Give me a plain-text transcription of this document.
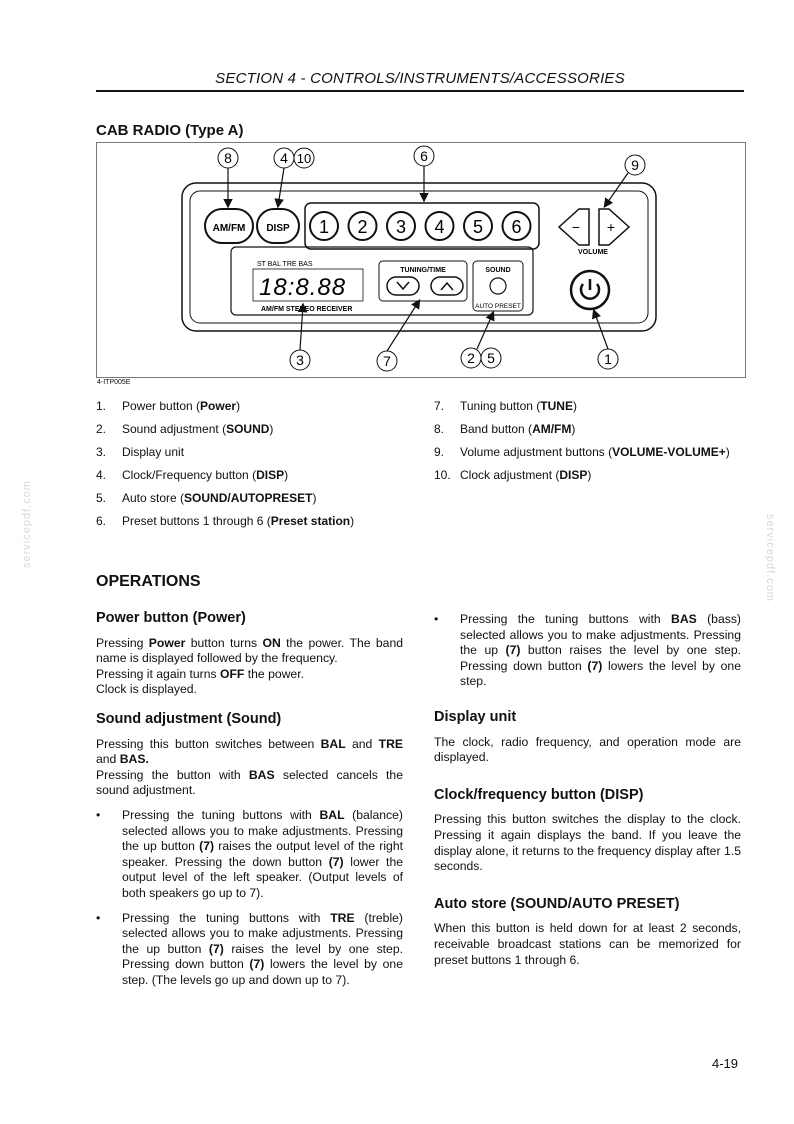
SECTION 4 - CONTROLS/INSTRUMENTS/ACCESSORIES
CAB RADIO (Type A)
AM/FM DISP 1 2 3 4 5 6	− +
VOLUME
ST BAL TRE BAS
18:8.88
AM/FM STEREO RECEIVER
TUNING/TIME	SOUND
AUTO PRESET
8	4 10	6
9
3	7	2 5	1
4-ITP005E
1.	Power button (Power)
2.	Sound adjustment (SOUND)
3.	Display unit
4.	Clock/Frequency button (DISP)
5.	Auto store (SOUND/AUTOPRESET)
6.	Preset buttons 1 through 6 (Preset station)
7.	Tuning button (TUNE)
8.	Band button (AM/FM)
9.	Volume adjustment buttons (VOLUME-VOLUME+)
10. Clock adjustment (DISP)
OPERATIONS
Power button (Power)

Pressing Power button turns ON the power. The band name is displayed followed by the frequency.

Pressing it again turns OFF the power.

Clock is displayed.

Sound adjustment (Sound)

Pressing this button switches between BAL and TRE and BAS.

Pressing the button with BAS selected cancels the sound adjustment.

•	Pressing the tuning buttons with BAL (balance) selected allows you to make adjustments. Pressing the up button (7) raises the output level of the right speaker. Pressing the down button (7) lower the output level of the left speaker. (Output levels of both speakers go up to 7).
•	Pressing the tuning buttons with TRE (treble) selected allows you to make adjustments. Pressing the up button (7) raises the level by one step. Pressing down button (7) lowers the level by one step. (The levels go up and down up to 7).
•	Pressing the tuning buttons with BAS (bass) selected allows you to make adjustments. Pressing the up (7) button raises the level by one step. Pressing down button (7) lowers the level by one step.
Display unit

The clock, radio frequency, and operation mode are displayed.

Clock/frequency button (DISP)

Pressing this button switches the display to the clock. Pressing it again displays the band. If you leave the display alone, it returns to the frequency display after 1.5 seconds.

Auto store (SOUND/AUTO PRESET)

When this button is held down for at least 2 seconds, receivable broadcast stations can be memorized for preset buttons 1 through 6.

servicepdf.com	servicepdf.com
4-19
